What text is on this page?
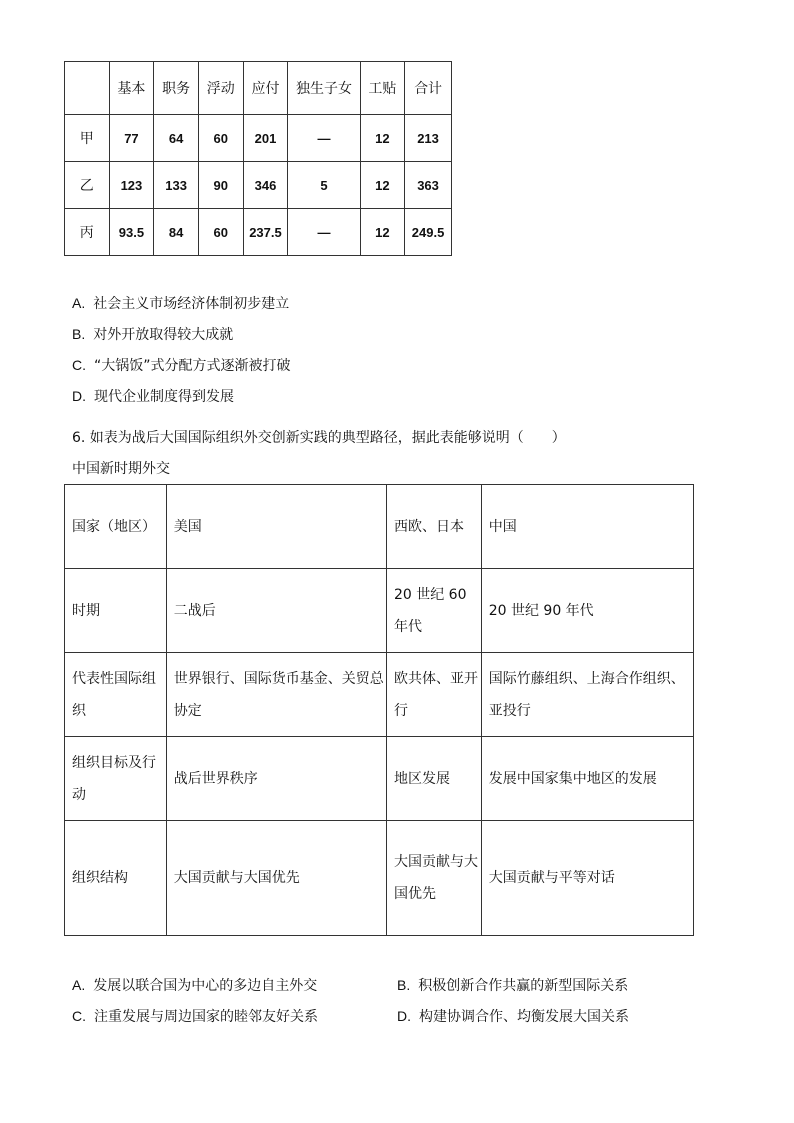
	基本	职务	浮动	应付	独生子女	工贴	合计
甲	77	64	60	201	—	12	213
乙	123	133	90	346	5	12	363
丙	93.5	84	60	237.5	—	12	249.5
A. 社会主义市场经济体制初步建立
B. 对外开放取得较大成就
C. “大锅饭”式分配方式逐渐被打破
D. 现代企业制度得到发展
6. 如表为战后大国国际组织外交创新实践的典型路径，据此表能够说明（　　）
中国新时期外交
国家（地区）	美国	西欧、日本	中国
时期	二战后	20 世纪 60 年代	20 世纪 90 年代
代表性国际组织	世界银行、国际货币基金、关贸总协定	欧共体、亚开行	国际竹藤组织、上海合作组织、亚投行
组织目标及行动	战后世界秩序	地区发展	发展中国家集中地区的发展
组织结构	大国贡献与大国优先	大国贡献与大国优先	大国贡献与平等对话
A. 发展以联合国为中心的多边自主外交	B. 积极创新合作共赢的新型国际关系
C. 注重发展与周边国家的睦邻友好关系	D. 构建协调合作、均衡发展大国关系
